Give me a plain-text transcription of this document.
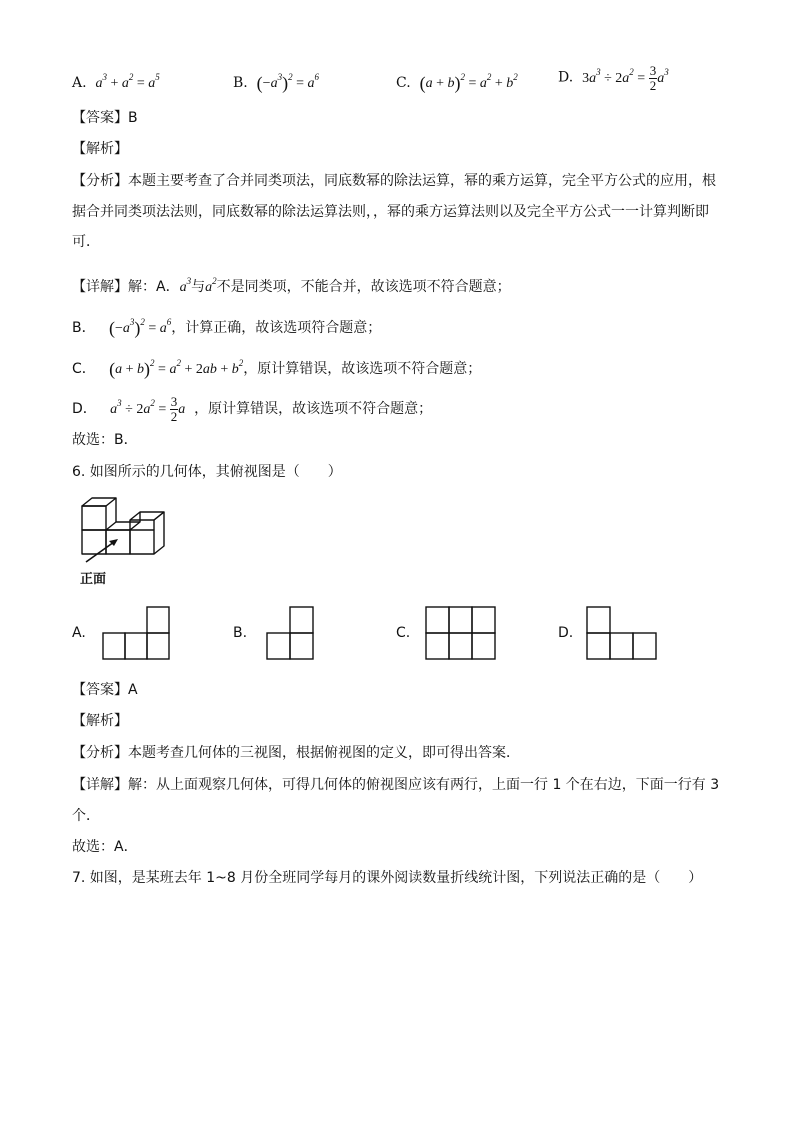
A. $a^3 + a^2 = a^5$	B. $(-a^3)^2 = a^6$	C. $(a + b)^2 = a^2 + b^2$	D. $3a^3 \div 2a^2 = \frac{3}{2} a^3$
【答案】B
【解析】
【分析】本题主要考查了合并同类项法，同底数幂的除法运算，幂的乘方运算，完全平方公式的应用，根
据合并同类项法法则，同底数幂的除法运算法则，，幂的乘方运算法则以及完全平方公式一一计算判断即
可．
【详解】解：A．$a^3$与$a^2$不是同类项，不能合并，故该选项不符合题意；
B． $(-a^3)^2 = a^6$，计算正确，故该选项符合题意；
C． $(a + b)^2 = a^2 + 2ab + b^2$，原计算错误，故该选项不符合题意；
D． $a^3 \div 2a^2 = \frac{3}{2}$ a ，原计算错误，故该选项不符合题意；
故选：B．
6. 如图所示的几何体，其俯视图是（　　）
正面
A.	B.	C.	D.
【答案】A
【解析】
【分析】本题考查几何体的三视图，根据俯视图的定义，即可得出答案．
【详解】解：从上面观察几何体，可得几何体的俯视图应该有两行，上面一行 1 个在右边，下面一行有 3
个．
故选：A．
7. 如图，是某班去年 1~8 月份全班同学每月的课外阅读数量折线统计图，下列说法正确的是（　　）
